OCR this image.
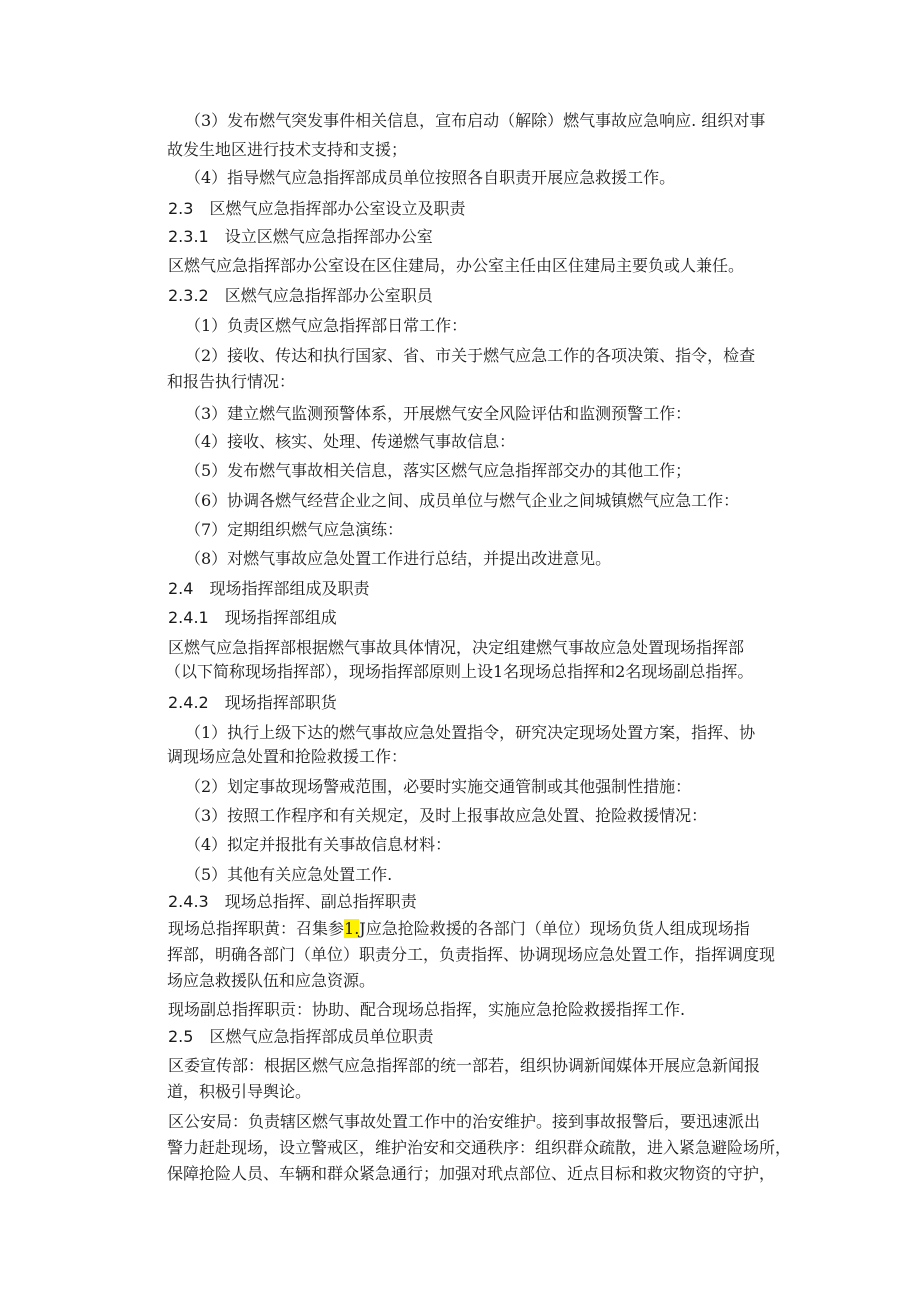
（3）发布燃气突发事件相关信息，宣布启动（解除）燃气事故应急响应. 组织对事
故发生地区进行技术支持和支援；
（4）指导燃气应急指挥部成员单位按照各自职责开展应急救援工作。
2.3　区燃气应急指挥部办公室设立及职责
2.3.1　设立区燃气应急指挥部办公室
区燃气应急指挥部办公室设在区住建局，办公室主任由区住建局主要负或人兼任。
2.3.2　区燃气应急指挥部办公室职员
（1）负责区燃气应急指挥部日常工作：
（2）接收、传达和执行国家、省、市关于燃气应急工作的各项决策、指令，检查
和报告执行情况：
（3）建立燃气监测预警体系，开展燃气安全风险评估和监测预警工作：
（4）接收、核实、处理、传递燃气事故信息：
（5）发布燃气事故相关信息，落实区燃气应急指挥部交办的其他工作；
（6）协调各燃气经营企业之间、成员单位与燃气企业之间城镇燃气应急工作：
（7）定期组织燃气应急演练：
（8）对燃气事故应急处置工作进行总结，并提出改进意见。
2.4　现场指挥部组成及职责
2.4.1　现场指挥部组成
区燃气应急指挥部根据燃气事故具体情况，决定组建燃气事故应急处置现场指挥部
（以下简称现场指挥部），现场指挥部原则上设1名现场总指挥和2名现场副总指挥。
2.4.2　现场指挥部职货
（1）执行上级下达的燃气事故应急处置指令，研究决定现场处置方案，指挥、协
调现场应急处置和抢险救援工作：
（2）划定事故现场警戒范围，必要时实施交通管制或其他强制性措施：
（3）按照工作程序和有关规定，及时上报事故应急处置、抢险救援情况：
（4）拟定并报批有关事故信息材料：
（5）其他有关应急处置工作.
2.4.3　现场总指挥、副总指挥职责
现场总指挥职黄：召集参1.J应急抢险救援的各部门（单位）现场负货人组成现场指
挥部，明确各部门（单位）职责分工，负责指挥、协调现场应急处置工作，指挥调度现
场应急救援队伍和应急资源。
现场副总指挥职贡：协助、配合现场总指挥，实施应急抢险救援指挥工作.
2.5　区燃气应急指挥部成员单位职责
区委宣传部：根据区燃气应急指挥部的统一部若，组织协调新闻媒体开展应急新闻报
道，积极引导舆论。
区公安局：负责辖区燃气事故处置工作中的治安维护。接到事故报警后，要迅速派出
警力赶赴现场，设立警戒区，维护治安和交通秩序：组织群众疏散，进入紧急避险场所，
保障抢险人员、车辆和群众紧急通行；加强对玳点部位、近点目标和救灾物资的守护，
